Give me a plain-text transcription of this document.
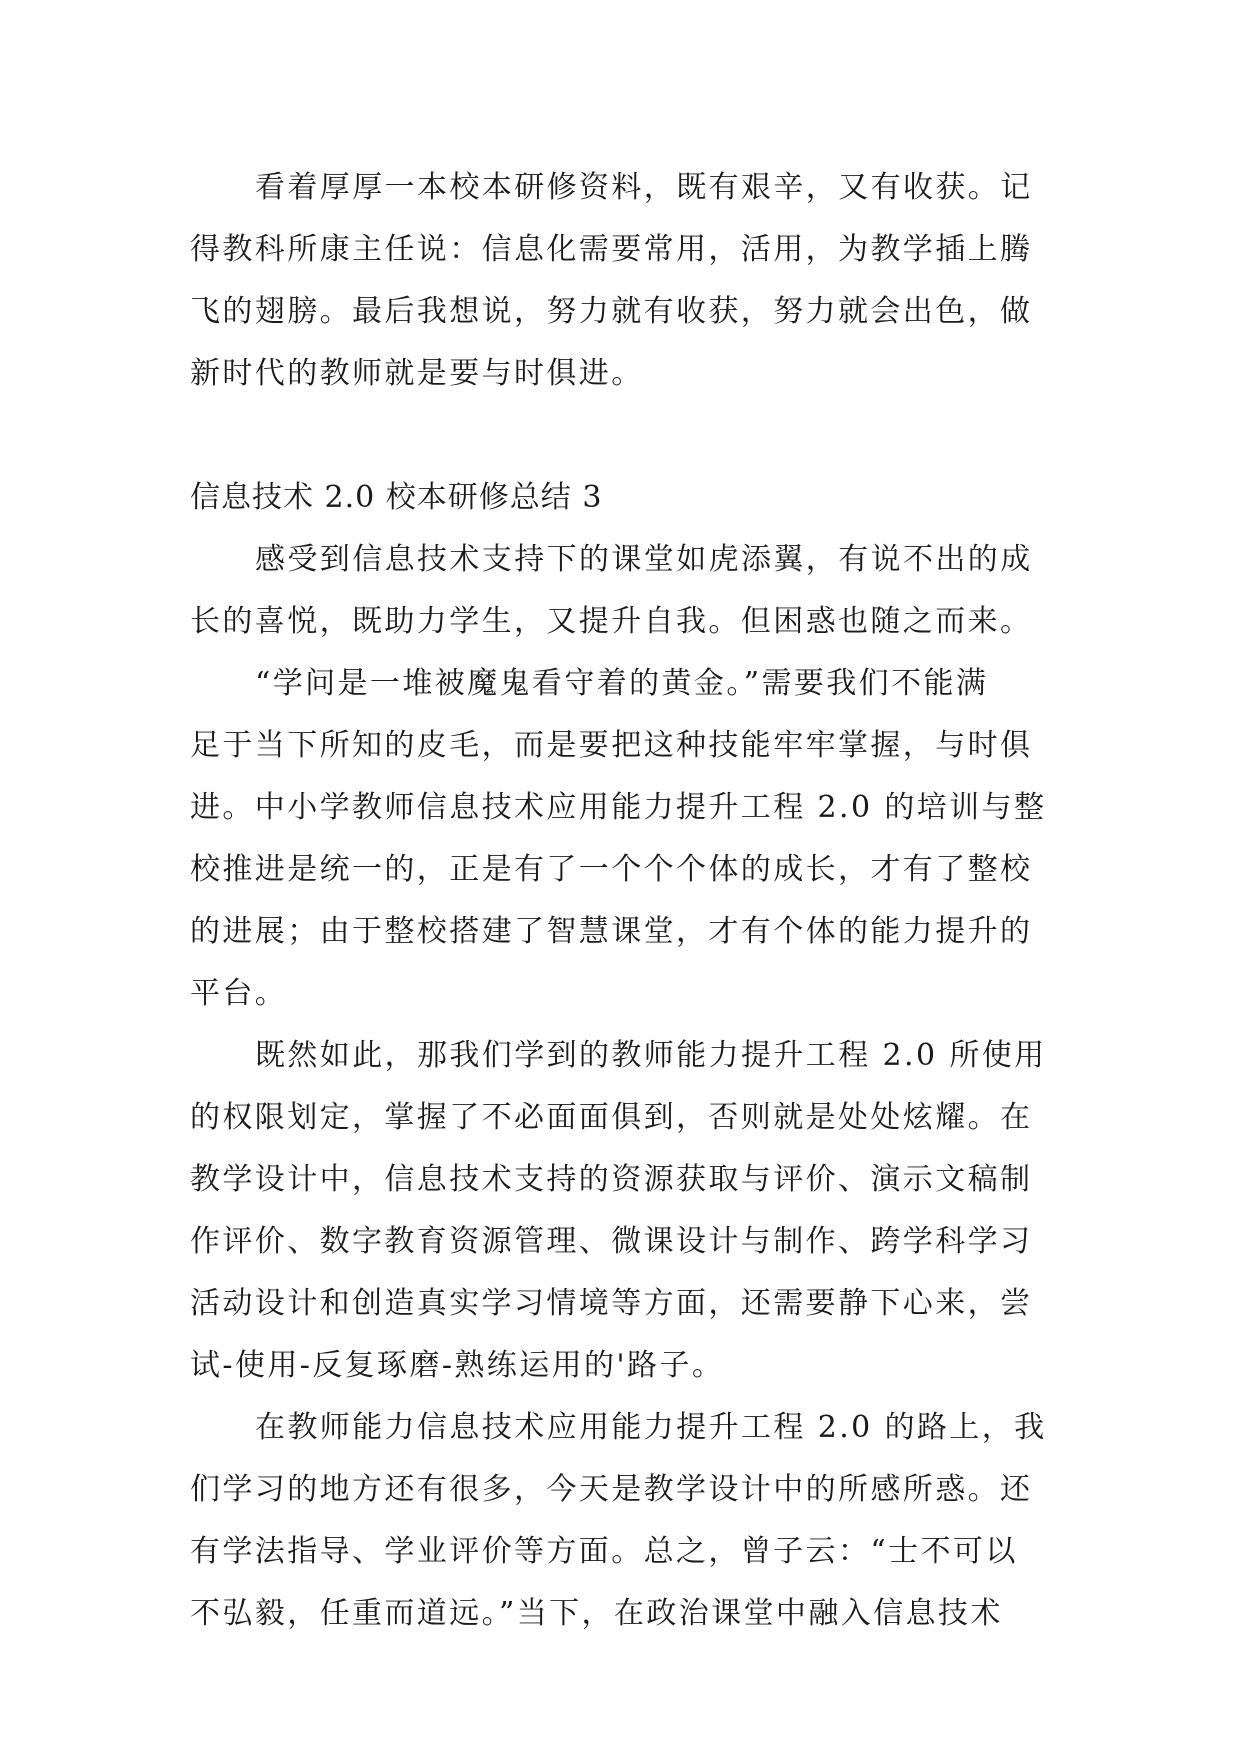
看着厚厚一本校本研修资料，既有艰辛，又有收获。记
得教科所康主任说：信息化需要常用，活用，为教学插上腾
飞的翅膀。最后我想说，努力就有收获，努力就会出色，做
新时代的教师就是要与时俱进。
信息技术 2.0 校本研修总结 3
感受到信息技术支持下的课堂如虎添翼，有说不出的成
长的喜悦，既助力学生，又提升自我。但困惑也随之而来。
“学问是一堆被魔鬼看守着的黄金。”需要我们不能满
足于当下所知的皮毛，而是要把这种技能牢牢掌握，与时俱
进。中小学教师信息技术应用能力提升工程 2.0 的培训与整
校推进是统一的，正是有了一个个个体的成长，才有了整校
的进展；由于整校搭建了智慧课堂，才有个体的能力提升的
平台。
既然如此，那我们学到的教师能力提升工程 2.0 所使用
的权限划定，掌握了不必面面俱到，否则就是处处炫耀。在
教学设计中，信息技术支持的资源获取与评价、演示文稿制
作评价、数字教育资源管理、微课设计与制作、跨学科学习
活动设计和创造真实学习情境等方面，还需要静下心来，尝
试-使用-反复琢磨-熟练运用的'路子。
在教师能力信息技术应用能力提升工程 2.0 的路上，我
们学习的地方还有很多，今天是教学设计中的所感所惑。还
有学法指导、学业评价等方面。总之，曾子云：“士不可以
不弘毅，任重而道远。”当下，在政治课堂中融入信息技术
